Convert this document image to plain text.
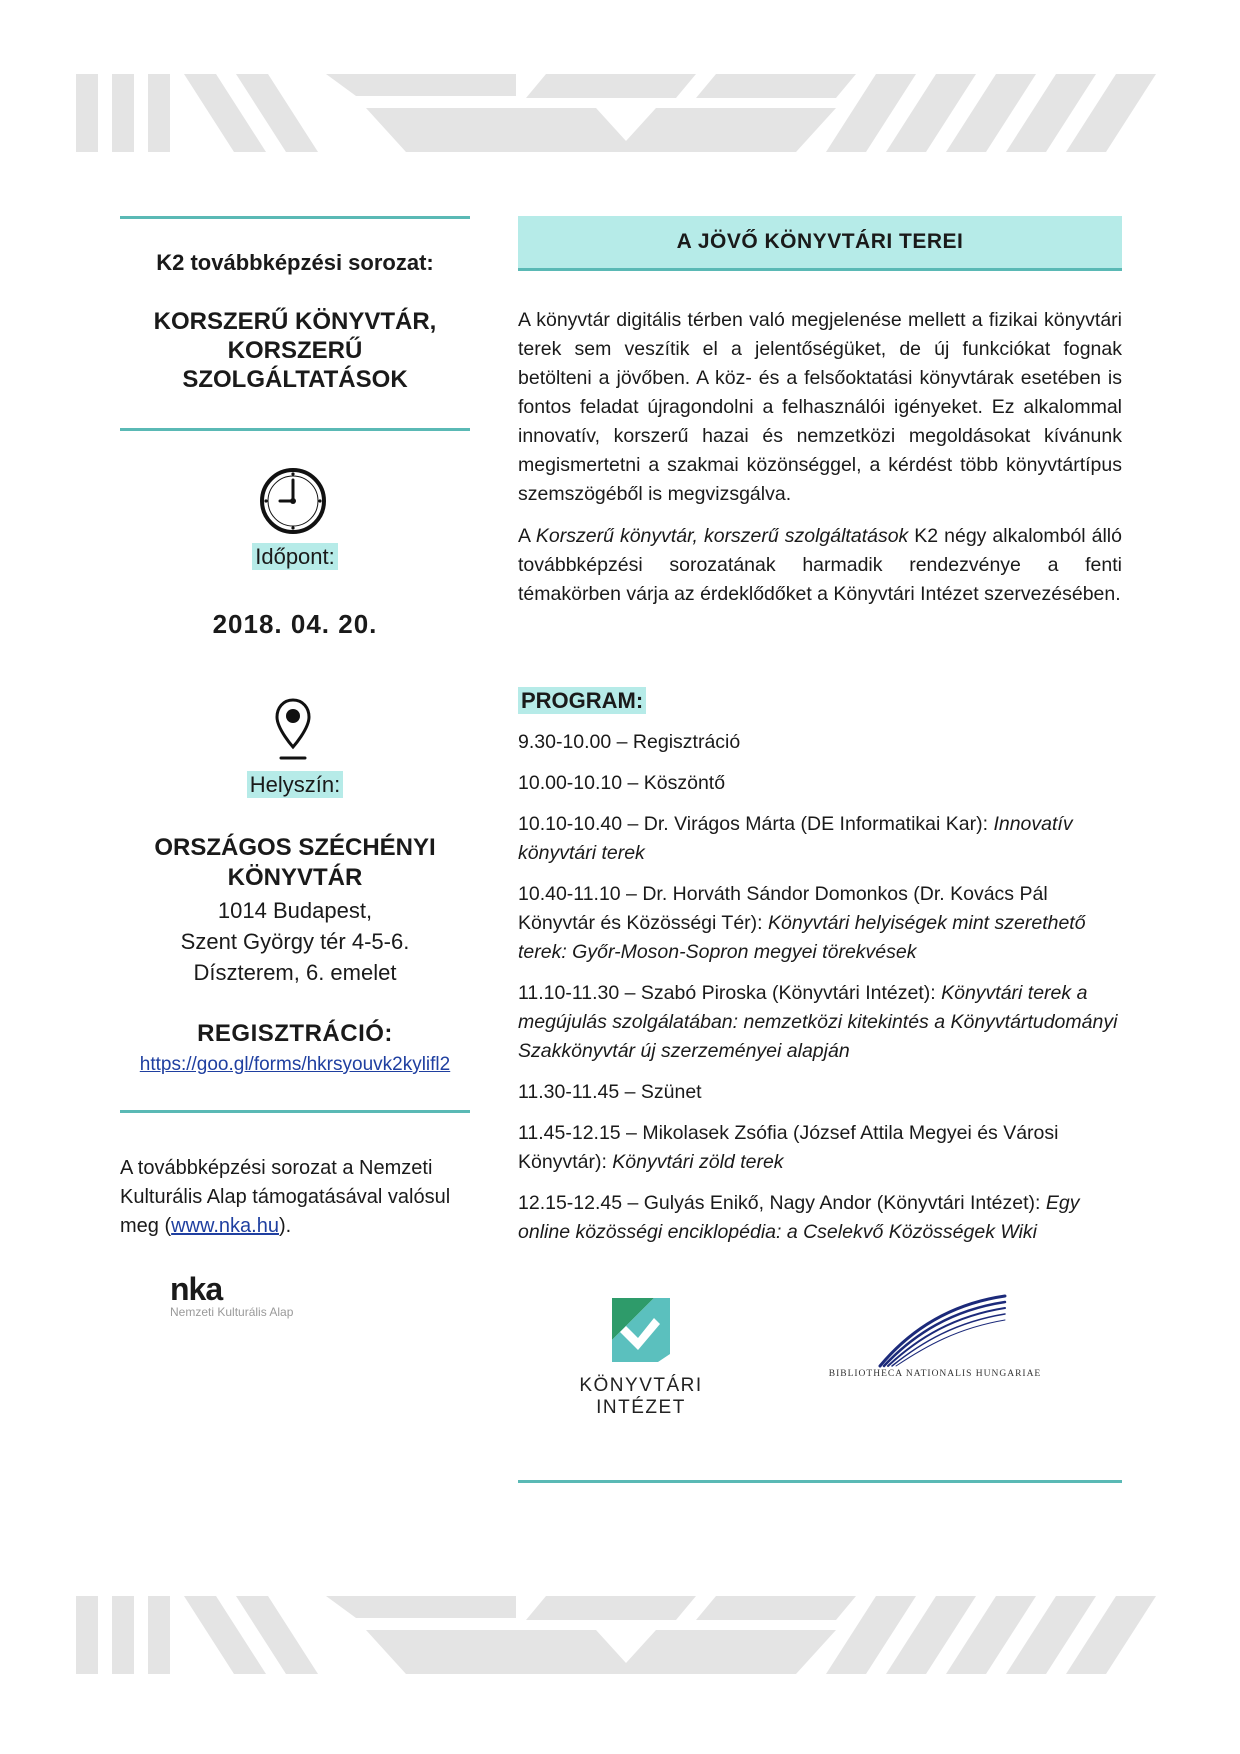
K2 továbbképzési sorozat:
KORSZERŰ KÖNYVTÁR,
KORSZERŰ
SZOLGÁLTATÁSOK
Időpont:
2018. 04. 20.
Helyszín:
ORSZÁGOS SZÉCHÉNYI
KÖNYVTÁR
1014 Budapest,
Szent György tér 4-5-6.
Díszterem, 6. emelet
REGISZTRÁCIÓ:
https://goo.gl/forms/hkrsyouvk2kylifl2
A továbbképzési sorozat a Nemzeti Kulturális Alap támogatásával valósul meg (www.nka.hu).
nka
Nemzeti Kulturális Alap
A JÖVŐ KÖNYVTÁRI TEREI
A könyvtár digitális térben való megjelenése mellett a fizikai könyvtári terek sem veszítik el a jelentőségüket, de új funkciókat fognak betölteni a jövőben. A köz- és a felsőoktatási könyvtárak esetében is fontos feladat újragondolni a felhasználói igényeket. Ez alkalommal innovatív, korszerű hazai és nemzetközi megoldásokat kívánunk megismertetni a szakmai közönséggel, a kérdést több könyvtártípus szemszögéből is megvizsgálva.
A Korszerű könyvtár, korszerű szolgáltatások K2 négy alkalomból álló továbbképzési sorozatának harmadik rendezvénye a fenti témakörben várja az érdeklődőket a Könyvtári Intézet szervezésében.
PROGRAM:
9.30-10.00 – Regisztráció
10.00-10.10 – Köszöntő
10.10-10.40 – Dr. Virágos Márta (DE Informatikai Kar): Innovatív könyvtári terek
10.40-11.10 – Dr. Horváth Sándor Domonkos (Dr. Kovács Pál Könyvtár és Közösségi Tér): Könyvtári helyiségek mint szerethető terek: Győr-Moson-Sopron megyei törekvések
11.10-11.30 – Szabó Piroska (Könyvtári Intézet): Könyvtári terek a megújulás szolgálatában: nemzetközi kitekintés a Könyvtártudományi Szakkönyvtár új szerzeményei alapján
11.30-11.45 – Szünet
11.45-12.15 – Mikolasek Zsófia (József Attila Megyei és Városi Könyvtár): Könyvtári zöld terek
12.15-12.45 – Gulyás Enikő, Nagy Andor (Könyvtári Intézet): Egy online közösségi enciklopédia: a Cselekvő Közösségek Wiki
KÖNYVTÁRI INTÉZET
BIBLIOTHECA NATIONALIS HUNGARIAE
